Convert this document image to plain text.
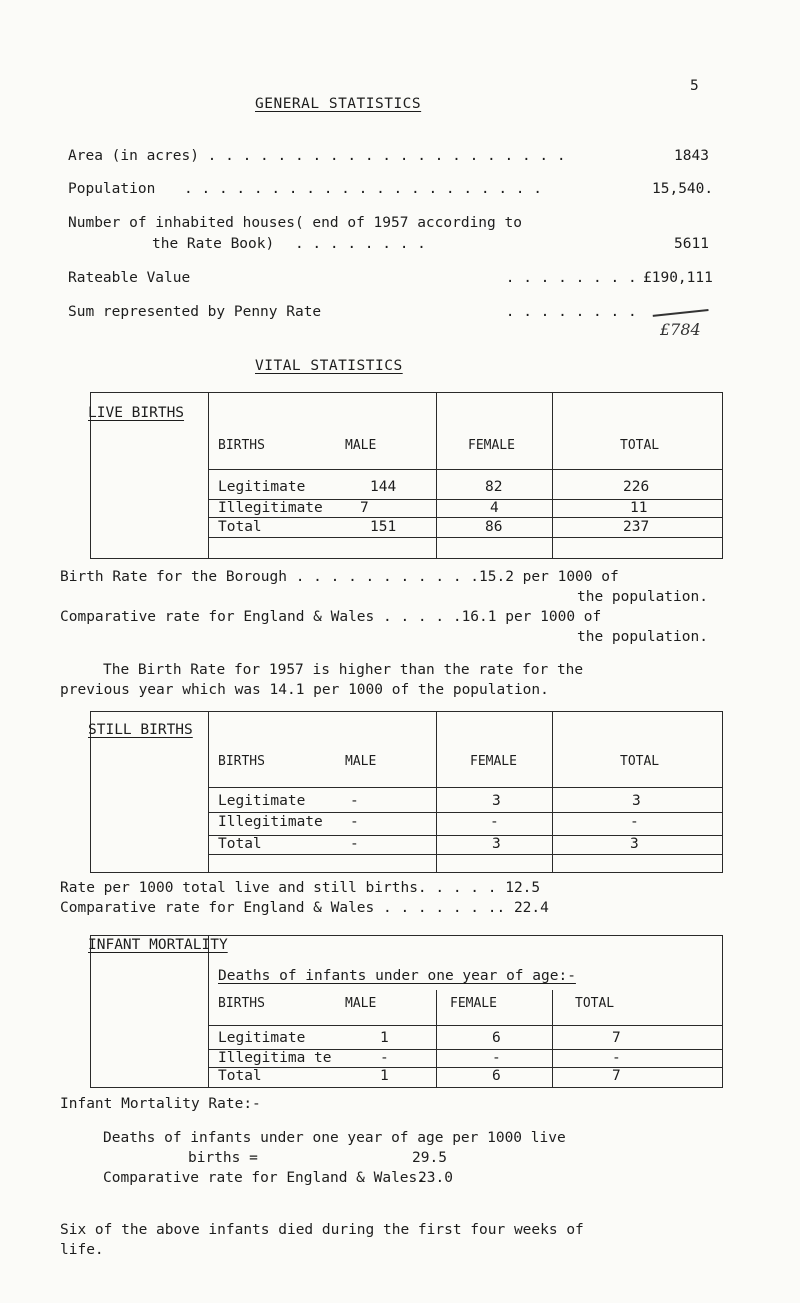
5
GENERAL STATISTICS
Area (in acres) . . . . . . . . . . . . . . . . . . . . .	1843
Population . . . . . . . . . . . . . . . . . . . . .	15,540.
Number of inhabited houses( end of 1957 according to
the Rate Book) . . . . . . . .	5611
Rateable Value	. . . . . . . . £190,111
Sum represented by Penny Rate	. . . . . . . .
£784
VITAL STATISTICS
LIVE BIRTHS
BIRTHS	MALE	FEMALE	TOTAL
Legitimate	144	82	226
Illegitimate	7	4	11
Total	151	86	237
Birth Rate for the Borough . . . . . . . . . . .15.2 per 1000 of
the population.
Comparative rate for England & Wales . . . . .16.1 per 1000 of
the population.
The Birth Rate for 1957 is higher than the rate for the
previous year which was 14.1 per 1000 of the population.
STILL BIRTHS
BIRTHS	MALE	FEMALE	TOTAL
Legitimate	-	3	3
Illegitimate -	-	-
Total	-	3	3
Rate per 1000 total live and still births. . . . . 12.5
Comparative rate for England & Wales . . . . . . .. 22.4
INFANT MORTALITY
Deaths of infants under one year of age:-
BIRTHS	MALE	FEMALE	TOTAL
Legitimate	1	6	7
Illegitima te	-	-	-
Total	1	6	7
Infant Mortality Rate:-
Deaths of infants under one year of age per 1000 live
births =	29.5
Comparative rate for England & Wales.
23.0
Six of the above infants died during the first four weeks of
life.
